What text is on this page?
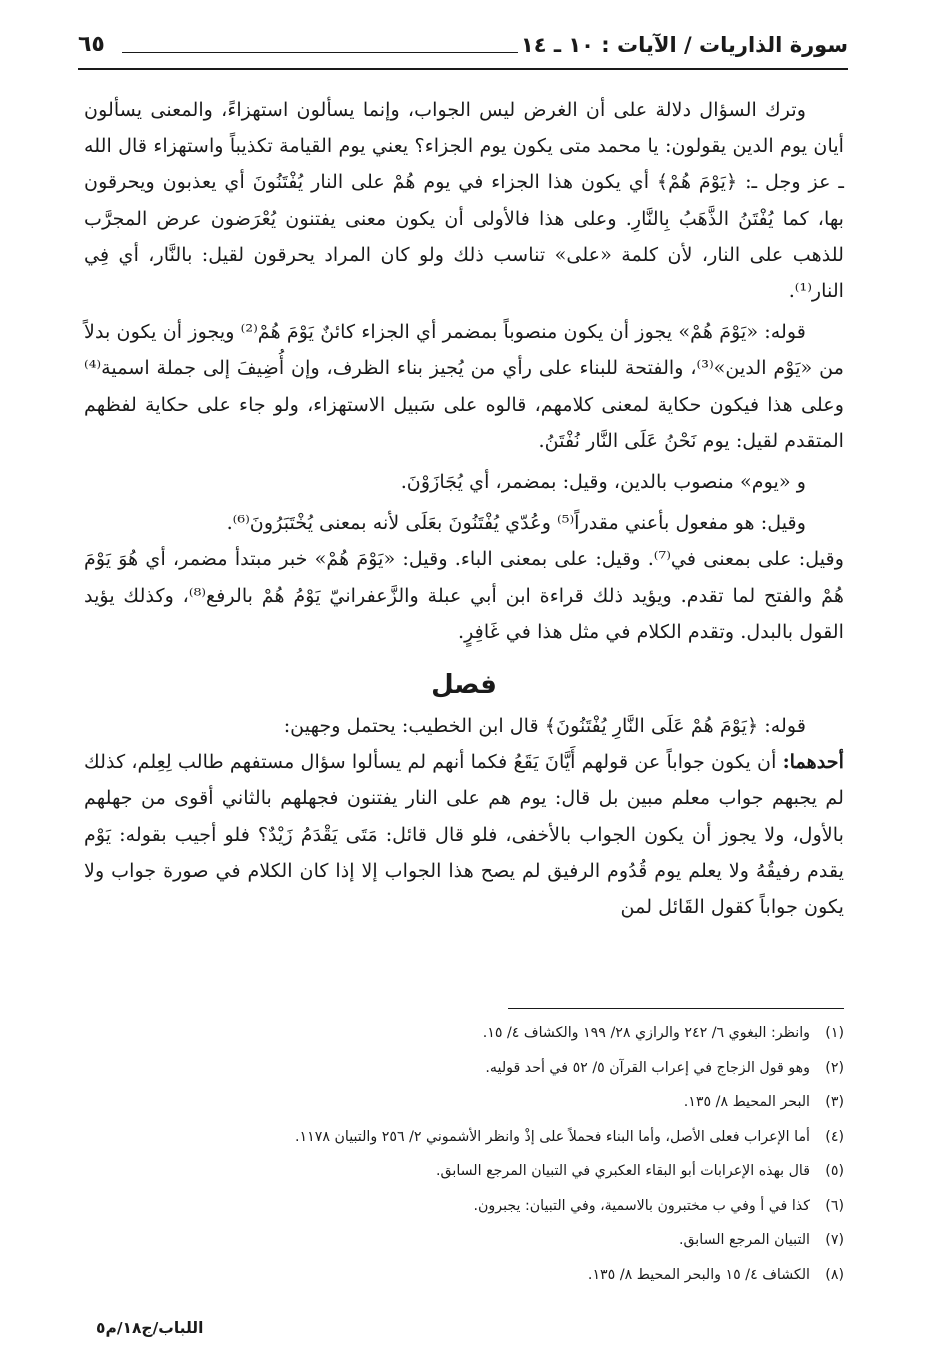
سورة الذاريات / الآيات : ١٠ ـ ١٤
٦٥

وترك السؤال دلالة على أن الغرض ليس الجواب، وإنما يسألون استهزاءً، والمعنى يسألون أيان يوم الدين يقولون: يا محمد متى يكون يوم الجزاء؟ يعني يوم القيامة تكذيباً واستهزاء قال الله ـ عز وجل ـ: ﴿يَوْمَ هُمْ﴾ أي يكون هذا الجزاء في يوم هُمْ على النار يُفْتَنُونَ أي يعذبون ويحرقون بها، كما يُفْتَنُ الذَّهَبُ بِالنَّارِ. وعلى هذا فالأولى أن يكون معنى يفتنون يُعْرَضون عرض المجرَّب للذهب على النار، لأن كلمة «على» تناسب ذلك ولو كان المراد يحرقون لقيل: بالنَّار، أي فِي النار⁽¹⁾.

قوله: «يَوْمَ هُمْ» يجوز أن يكون منصوباً بمضمر أي الجزاء كائنٌ يَوْمَ هُمْ⁽²⁾ ويجوز أن يكون بدلاً من «يَوْم الدين»⁽³⁾، والفتحة للبناء على رأي من يُجيز بناء الظرف، وإن أُضِيفَ إلى جملة اسمية⁽⁴⁾ وعلى هذا فيكون حكاية لمعنى كلامهم، قالوه على سَبيل الاستهزاء، ولو جاء على حكاية لفظهم المتقدم لقيل: يوم نَحْنُ عَلَى النَّار نُفْتَنُ.

و «يوم» منصوب بالدين، وقيل: بمضمر، أي يُجَازَوْنَ.

وقيل: هو مفعول بأعني مقدراً⁽⁵⁾ وعُدّي يُفْتَنُونَ بعَلَى لأنه بمعنى يُخْتَبَرُونَ⁽⁶⁾.

وقيل: على بمعنى في⁽⁷⁾. وقيل: على بمعنى الباء. وقيل: «يَوْمَ هُمْ» خبر مبتدأ مضمر، أي هُوَ يَوْمَ هُمْ والفتح لما تقدم. ويؤيد ذلك قراءة ابن أبي عبلة والزَّعفرانيّ يَوْمُ هُمْ بالرفع⁽⁸⁾، وكذلك يؤيد القول بالبدل. وتقدم الكلام في مثل هذا في غَافِرٍ.

فصل

قوله: ﴿يَوْمَ هُمْ عَلَى النَّارِ يُفْتَنُونَ﴾ قال ابن الخطيب: يحتمل وجهين:

أحدهما: أن يكون جواباً عن قولهم أَيَّانَ يَقَعُ فكما أنهم لم يسألوا سؤال مستفهم طالب لِعِلم، كذلك لم يجبهم جواب معلم مبين بل قال: يوم هم على النار يفتنون فجهلهم بالثاني أقوى من جهلهم بالأول، ولا يجوز أن يكون الجواب بالأخفى، فلو قال قائل: مَتَى يَقْدَمُ زَيْدٌ؟ فلو أجيب بقوله: يَوْم يقدم رفيقُهُ ولا يعلم يوم قُدُوم الرفيق لم يصح هذا الجواب إلا إذا كان الكلام في صورة جواب ولا يكون جواباً كقول القَائل لمن

(١)وانظر: البغوي ٦/ ٢٤٢ والرازي ٢٨/ ١٩٩ والكشاف ٤/ ١٥.
(٢)وهو قول الزجاج في إعراب القرآن ٥/ ٥٢ في أحد قوليه.
(٣)البحر المحيط ٨/ ١٣٥.
(٤)أما الإعراب فعلى الأصل، وأما البناء فحملاً على إذْ وانظر الأشموني ٢/ ٢٥٦ والتبيان ١١٧٨.
(٥)قال بهذه الإعرابات أبو البقاء العكبري في التبيان المرجع السابق.
(٦)كذا في أ وفي ب مختبرون بالاسمية، وفي التبيان: يجبرون.
(٧)التبيان المرجع السابق.
(٨)الكشاف ٤/ ١٥ والبحر المحيط ٨/ ١٣٥.
اللباب/ج١٨/م٥
